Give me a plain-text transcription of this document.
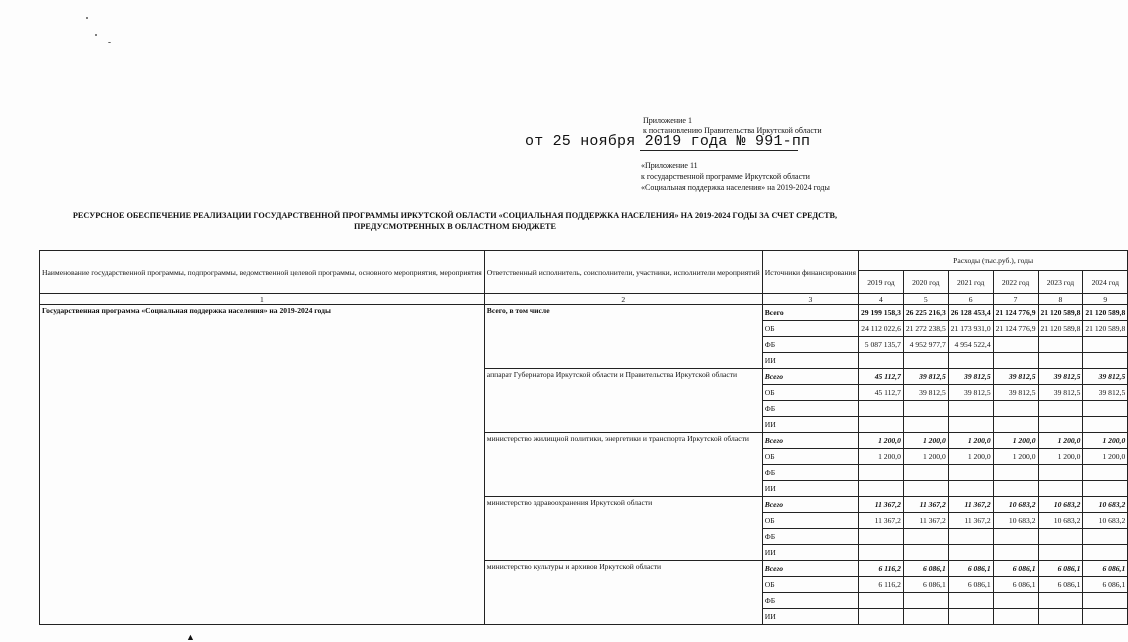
Приложение 1
к постановлению Правительства Иркутской области
от 25 ноября 2019 года № 991-пп
«Приложение 11
к государственной программе Иркутской области
«Социальная поддержка населения» на 2019-2024 годы
РЕСУРСНОЕ ОБЕСПЕЧЕНИЕ РЕАЛИЗАЦИИ ГОСУДАРСТВЕННОЙ ПРОГРАММЫ ИРКУТСКОЙ ОБЛАСТИ «СОЦИАЛЬНАЯ ПОДДЕРЖКА НАСЕЛЕНИЯ» НА 2019-2024 ГОДЫ ЗА СЧЕТ СРЕДСТВ,
ПРЕДУСМОТРЕННЫХ В ОБЛАСТНОМ БЮДЖЕТЕ
Наименование государственной программы, подпрограммы, ведомственной целевой программы, основного мероприятия, мероприятия	Ответственный исполнитель, соисполнители, участники, исполнители мероприятий	Источники финансирования	Расходы (тыс.руб.), годы					
			2019 год	2020 год	2021 год	2022 год	2023 год	2024 год
1	2	3	4	5	6	7	8	9
Государственная программа «Социальная поддержка населения» на 2019-2024 годы	Всего, в том числе	Всего	29 199 158,3	26 225 216,3	26 128 453,4	21 124 776,9	21 120 589,8	21 120 589,8
		ОБ	24 112 022,6	21 272 238,5	21 173 931,0	21 124 776,9	21 120 589,8	21 120 589,8
		ФБ	5 087 135,7	4 952 977,7	4 954 522,4			
		ИИ						
	аппарат Губернатора Иркутской области и Правительства Иркутской области	Всего	45 112,7	39 812,5	39 812,5	39 812,5	39 812,5	39 812,5
		ОБ	45 112,7	39 812,5	39 812,5	39 812,5	39 812,5	39 812,5
		ФБ						
		ИИ						
	министерство жилищной политики, энергетики и транспорта Иркутской области	Всего	1 200,0	1 200,0	1 200,0	1 200,0	1 200,0	1 200,0
		ОБ	1 200,0	1 200,0	1 200,0	1 200,0	1 200,0	1 200,0
		ФБ						
		ИИ						
	министерство здравоохранения Иркутской области	Всего	11 367,2	11 367,2	11 367,2	10 683,2	10 683,2	10 683,2
		ОБ	11 367,2	11 367,2	11 367,2	10 683,2	10 683,2	10 683,2
		ФБ						
		ИИ						
	министерство культуры и архивов Иркутской области	Всего	6 116,2	6 086,1	6 086,1	6 086,1	6 086,1	6 086,1
		ОБ	6 116,2	6 086,1	6 086,1	6 086,1	6 086,1	6 086,1
		ФБ						
		ИИ						
▲
